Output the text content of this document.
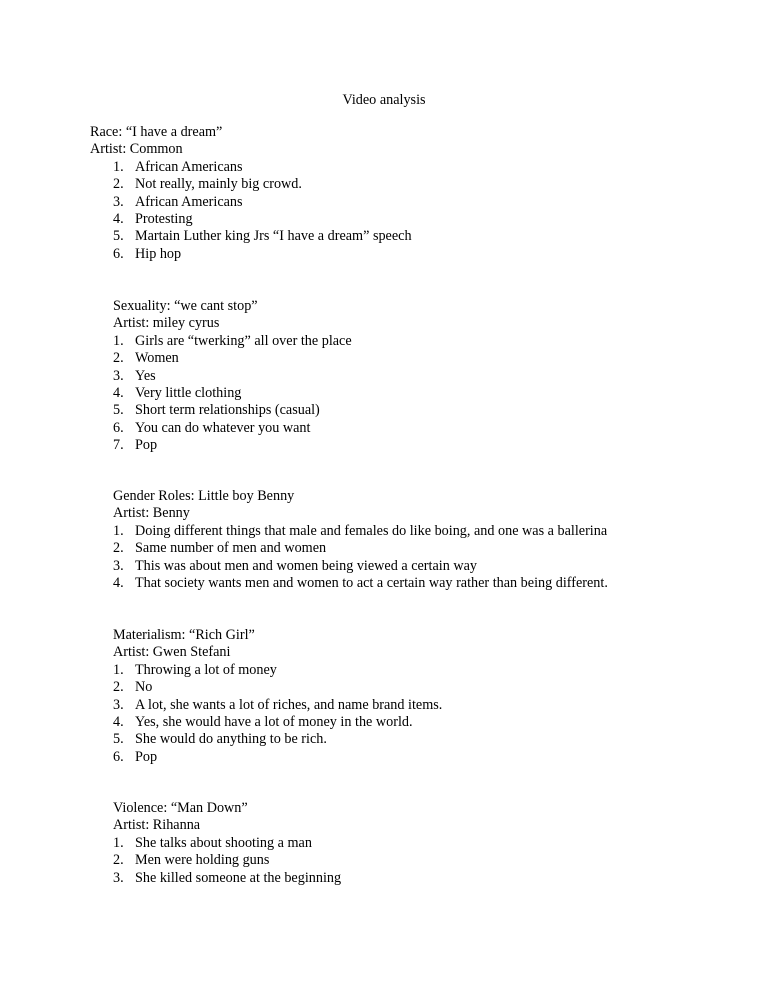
Video analysis
Race: “I have a dream”
Artist: Common
1. African Americans
2. Not really, mainly big crowd.
3. African Americans
4. Protesting
5. Martain Luther king Jrs “I have a dream” speech
6. Hip hop
Sexuality: “we cant stop”
Artist: miley cyrus
1. Girls are “twerking” all over the place
2. Women
3. Yes
4. Very little clothing
5. Short term relationships (casual)
6. You can do whatever you want
7. Pop
Gender Roles: Little boy Benny
Artist: Benny
1. Doing different things that male and females do like boing, and one was a ballerina
2. Same number of men and women
3. This was about men and women being viewed a certain way
4. That society wants men and women to act a certain way rather than being different.
Materialism: “Rich Girl”
Artist: Gwen Stefani
1. Throwing a lot of money
2. No
3. A lot, she wants a lot of riches, and name brand items.
4. Yes, she would have a lot of money in the world.
5. She would do anything to be rich.
6. Pop
Violence: “Man Down”
Artist: Rihanna
1. She talks about shooting a man
2. Men were holding guns
3. She killed someone at the beginning
